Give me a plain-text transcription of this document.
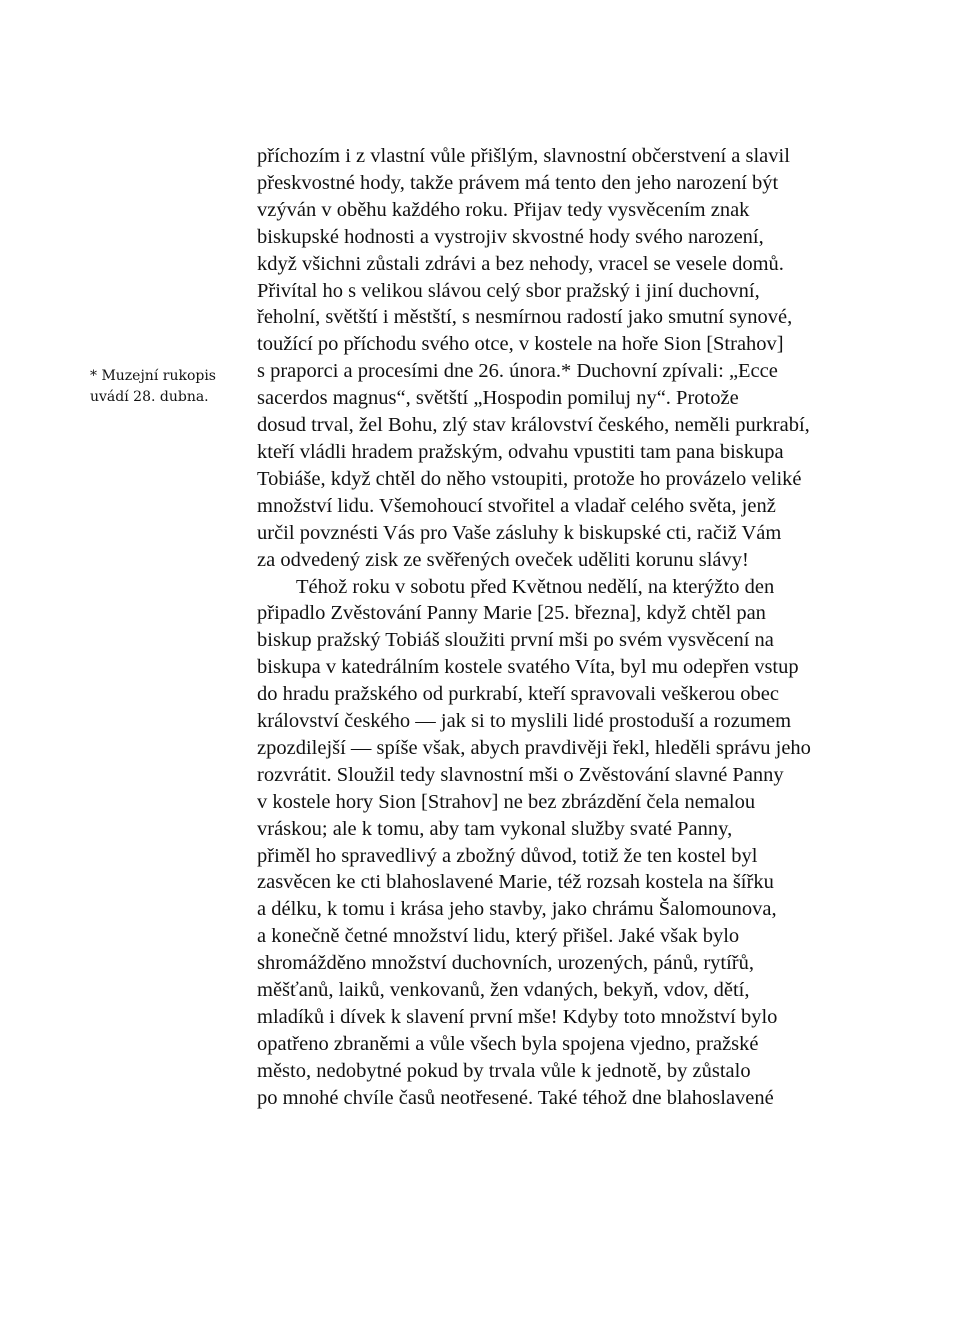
* Muzejní rukopis
uvádí 28. dubna.
příchozím i z vlastní vůle přišlým, slavnostní občerstvení a slavil
přeskvostné hody, takže právem má tento den jeho narození být
vzýván v oběhu každého roku. Přijav tedy vysvěcením znak
biskupské hodnosti a vystrojiv skvostné hody svého narození,
když všichni zůstali zdrávi a bez nehody, vracel se vesele domů.
Přivítal ho s velikou slávou celý sbor pražský i jiní duchovní,
řeholní, světští i městští, s nesmírnou radostí jako smutní synové,
toužící po příchodu svého otce, v kostele na hoře Sion [Strahov]
s praporci a procesími dne 26. února.* Duchovní zpívali: „Ecce
sacerdos magnus“, světští „Hospodin pomiluj ny“. Protože
dosud trval, žel Bohu, zlý stav království českého, neměli purkrabí,
kteří vládli hradem pražským, odvahu vpustiti tam pana biskupa
Tobiáše, když chtěl do něho vstoupiti, protože ho provázelo veliké
množství lidu. Všemohoucí stvořitel a vladař celého světa, jenž
určil povznésti Vás pro Vaše zásluhy k biskupské cti, račiž Vám
za odvedený zisk ze svěřených oveček uděliti korunu slávy!
Téhož roku v sobotu před Květnou nedělí, na kterýžto den
připadlo Zvěstování Panny Marie [25. března], když chtěl pan
biskup pražský Tobiáš sloužiti první mši po svém vysvěcení na
biskupa v katedrálním kostele svatého Víta, byl mu odepřen vstup
do hradu pražského od purkrabí, kteří spravovali veškerou obec
království českého — jak si to myslili lidé prostoduší a rozumem
zpozdilejší — spíše však, abych pravdivěji řekl, hleděli správu jeho
rozvrátit. Sloužil tedy slavnostní mši o Zvěstování slavné Panny
v kostele hory Sion [Strahov] ne bez zbrázdění čela nemalou
vráskou; ale k tomu, aby tam vykonal služby svaté Panny,
přiměl ho spravedlivý a zbožný důvod, totiž že ten kostel byl
zasvěcen ke cti blahoslavené Marie, též rozsah kostela na šířku
a délku, k tomu i krása jeho stavby, jako chrámu Šalomounova,
a konečně četné množství lidu, který přišel. Jaké však bylo
shromážděno množství duchovních, urozených, pánů, rytířů,
měšťanů, laiků, venkovanů, žen vdaných, bekyň, vdov, dětí,
mladíků i dívek k slavení první mše! Kdyby toto množství bylo
opatřeno zbraněmi a vůle všech byla spojena vjedno, pražské
město, nedobytné pokud by trvala vůle k jednotě, by zůstalo
po mnohé chvíle časů neotřesené. Také téhož dne blahoslavené
